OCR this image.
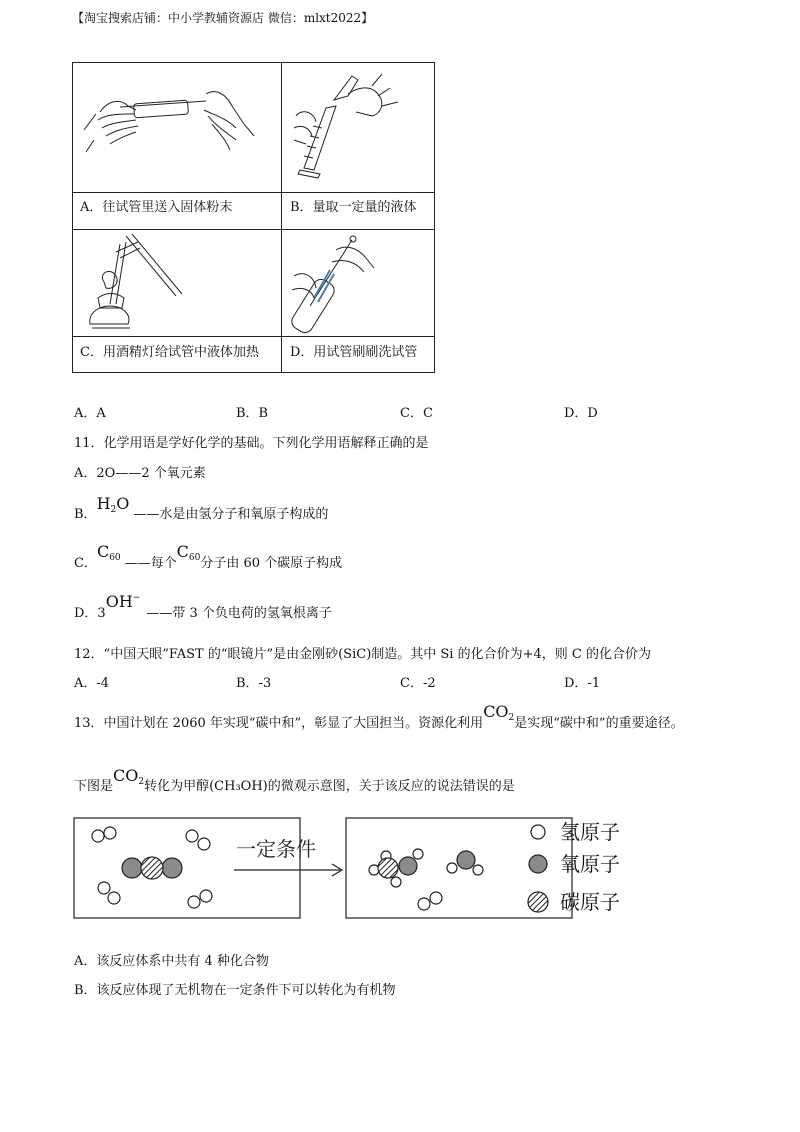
【淘宝搜索店铺：中小学教辅资源店 微信：mlxt2022】
A．往试管里送入固体粉末	B．量取一定量的液体
C．用酒精灯给试管中液体加热 D．用试管刷刷洗试管
A．A	B．B	C．C	D．D
11．化学用语是学好化学的基础。下列化学用语解释正确的是
A．2O——2 个氧元素
B．$H_2O——$水是由氢分子和氧原子构成的
C．$C_{60}$ ——每个$C_{60}$分子由 60 个碳原子构成
D．3OH−——带 3 个负电荷的氢氧根离子
12．“中国天眼”FAST 的“眼镜片”是由金刚砂(SiC)制造。其中 Si 的化合价为+4，则 C 的化合价为
A．-4	B．-3	C．-2	D．-1
13．中国计划在 2060 年实现“碳中和”，彰显了大国担当。资源化利用$CO_2$是实现“碳中和”的重要途径。
下图是$CO_2$转化为甲醇(CH₃OH)的微观示意图，关于该反应的说法错误的是
一定条件
氢原子
氧原子
碳原子
A．该反应体系中共有 4 种化合物
B．该反应体现了无机物在一定条件下可以转化为有机物
